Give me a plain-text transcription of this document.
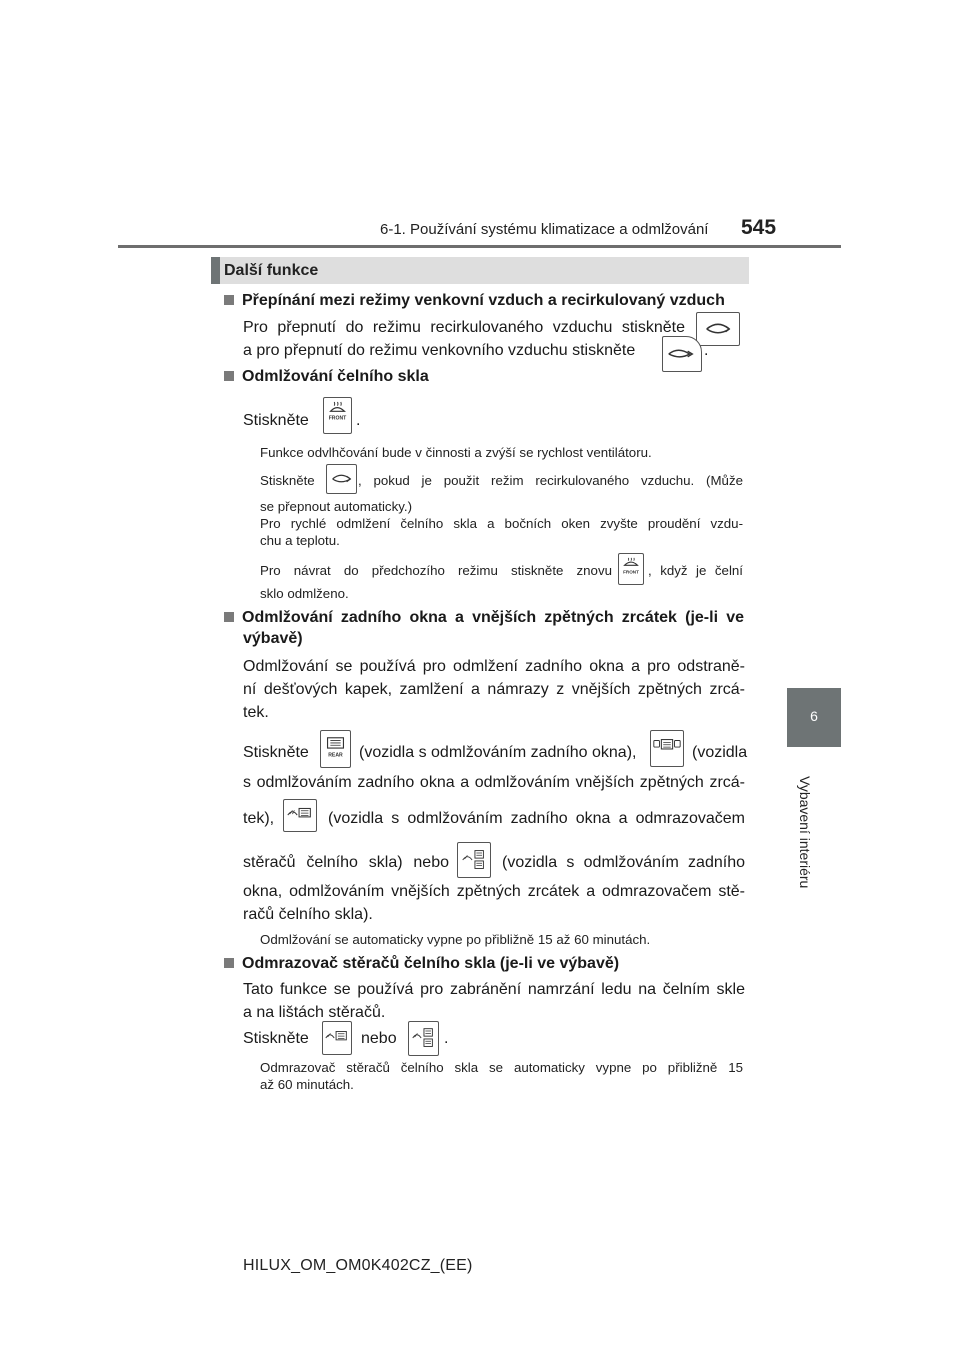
6-1. Používání systému klimatizace a odmlžování 545
6
Vybavení interiéru
Další funkce
Přepínání mezi režimy venkovní vzduch a recirkulovaný vzduch
Pro přepnutí do režimu recirkulovaného vzduchu stiskněte
a pro přepnutí do režimu venkovního vzduchu stiskněte	.
Odmlžování čelního skla
Stiskněte	FRONT .
Funkce odvlhčování bude v činnosti a zvýší se rychlost ventilátoru.
Stiskněte	, pokud je použit režim recirkulovaného vzduchu. (Může
se přepnout automaticky.)
Pro rychlé odmlžení čelního skla a bočních oken zvyšte proudění vzdu-
chu a teplotu.
Pro návrat do předchozího režimu stiskněte znovu FRONT , když je čelní
sklo odmlženo.
Odmlžování zadního okna a vnějších zpětných zrcátek (je-li ve
výbavě)
Odmlžování se používá pro odmlžení zadního okna a pro odstraně-
ní dešťových kapek, zamlžení a námrazy z vnějších zpětných zrcá-
tek.
Stiskněte	REAR (vozidla s odmlžováním zadního okna),	(vozidla
s odmlžováním zadního okna a odmlžováním vnějších zpětných zrcá-
tek),	(vozidla s odmlžováním zadního okna a odmrazovačem
stěračů čelního skla) nebo	(vozidla s odmlžováním zadního
okna, odmlžováním vnějších zpětných zrcátek a odmrazovačem stě-
račů čelního skla).
Odmlžování se automaticky vypne po přibližně 15 až 60 minutách.
Odmrazovač stěračů čelního skla (je-li ve výbavě)
Tato funkce se používá pro zabránění namrzání ledu na čelním skle
a na lištách stěračů.
Stiskněte	nebo	.
Odmrazovač stěračů čelního skla se automaticky vypne po přibližně 15
až 60 minutách.
HILUX_OM_OM0K402CZ_(EE)
